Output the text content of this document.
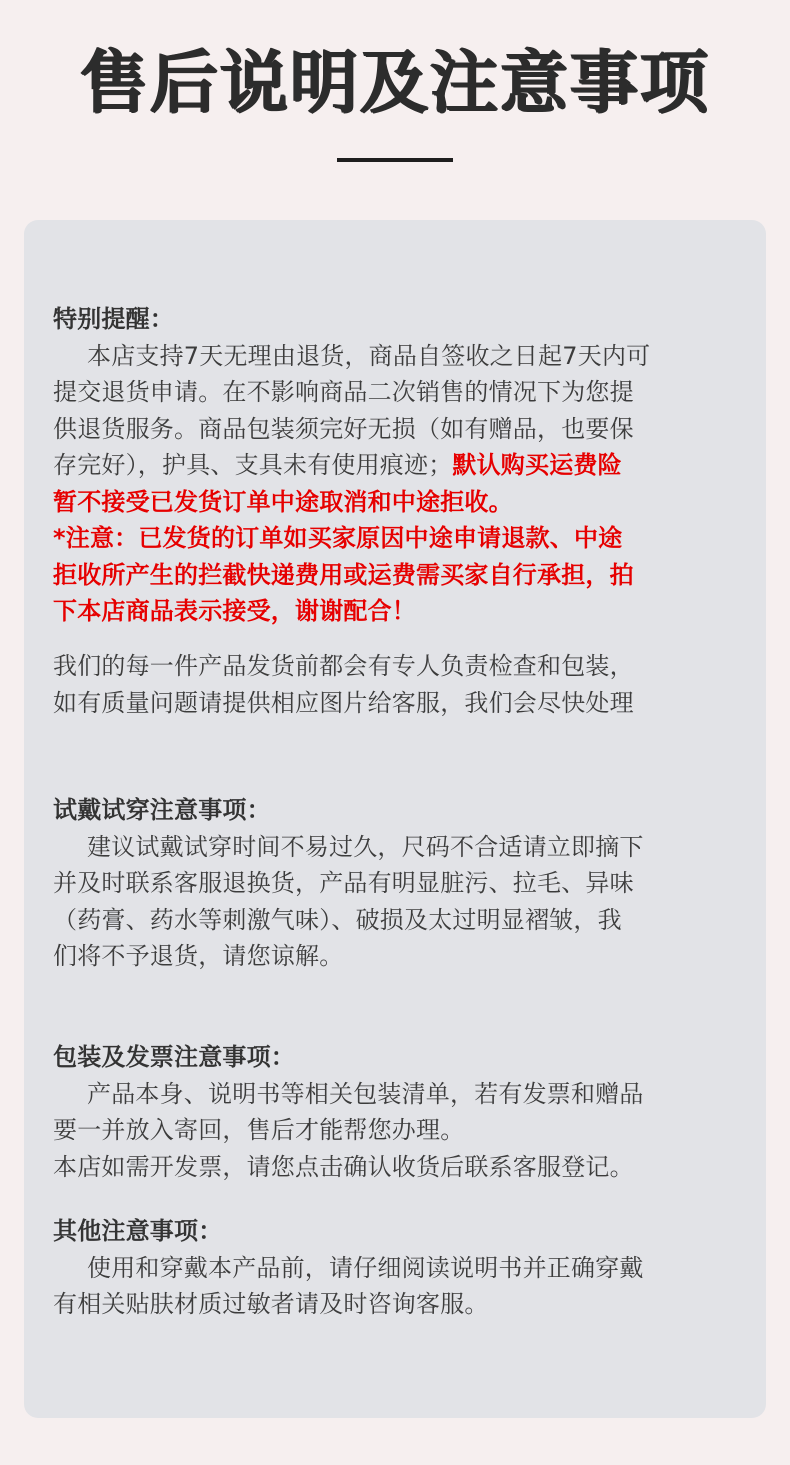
售后说明及注意事项
特别提醒：
本店支持7天无理由退货，商品自签收之日起7天内可
提交退货申请。在不影响商品二次销售的情况下为您提
供退货服务。商品包装须完好无损（如有赠品，也要保
存完好），护具、支具未有使用痕迹；默认购买运费险
暂不接受已发货订单中途取消和中途拒收。
*注意：已发货的订单如买家原因中途申请退款、中途
拒收所产生的拦截快递费用或运费需买家自行承担，拍
下本店商品表示接受，谢谢配合！
我们的每一件产品发货前都会有专人负责检查和包装，
如有质量问题请提供相应图片给客服，我们会尽快处理
试戴试穿注意事项：
建议试戴试穿时间不易过久，尺码不合适请立即摘下
并及时联系客服退换货，产品有明显脏污、拉毛、异味
（药膏、药水等刺激气味）、破损及太过明显褶皱，我
们将不予退货，请您谅解。
包装及发票注意事项：
产品本身、说明书等相关包装清单，若有发票和赠品
要一并放入寄回，售后才能帮您办理。
本店如需开发票，请您点击确认收货后联系客服登记。
其他注意事项：
使用和穿戴本产品前，请仔细阅读说明书并正确穿戴
有相关贴肤材质过敏者请及时咨询客服。
